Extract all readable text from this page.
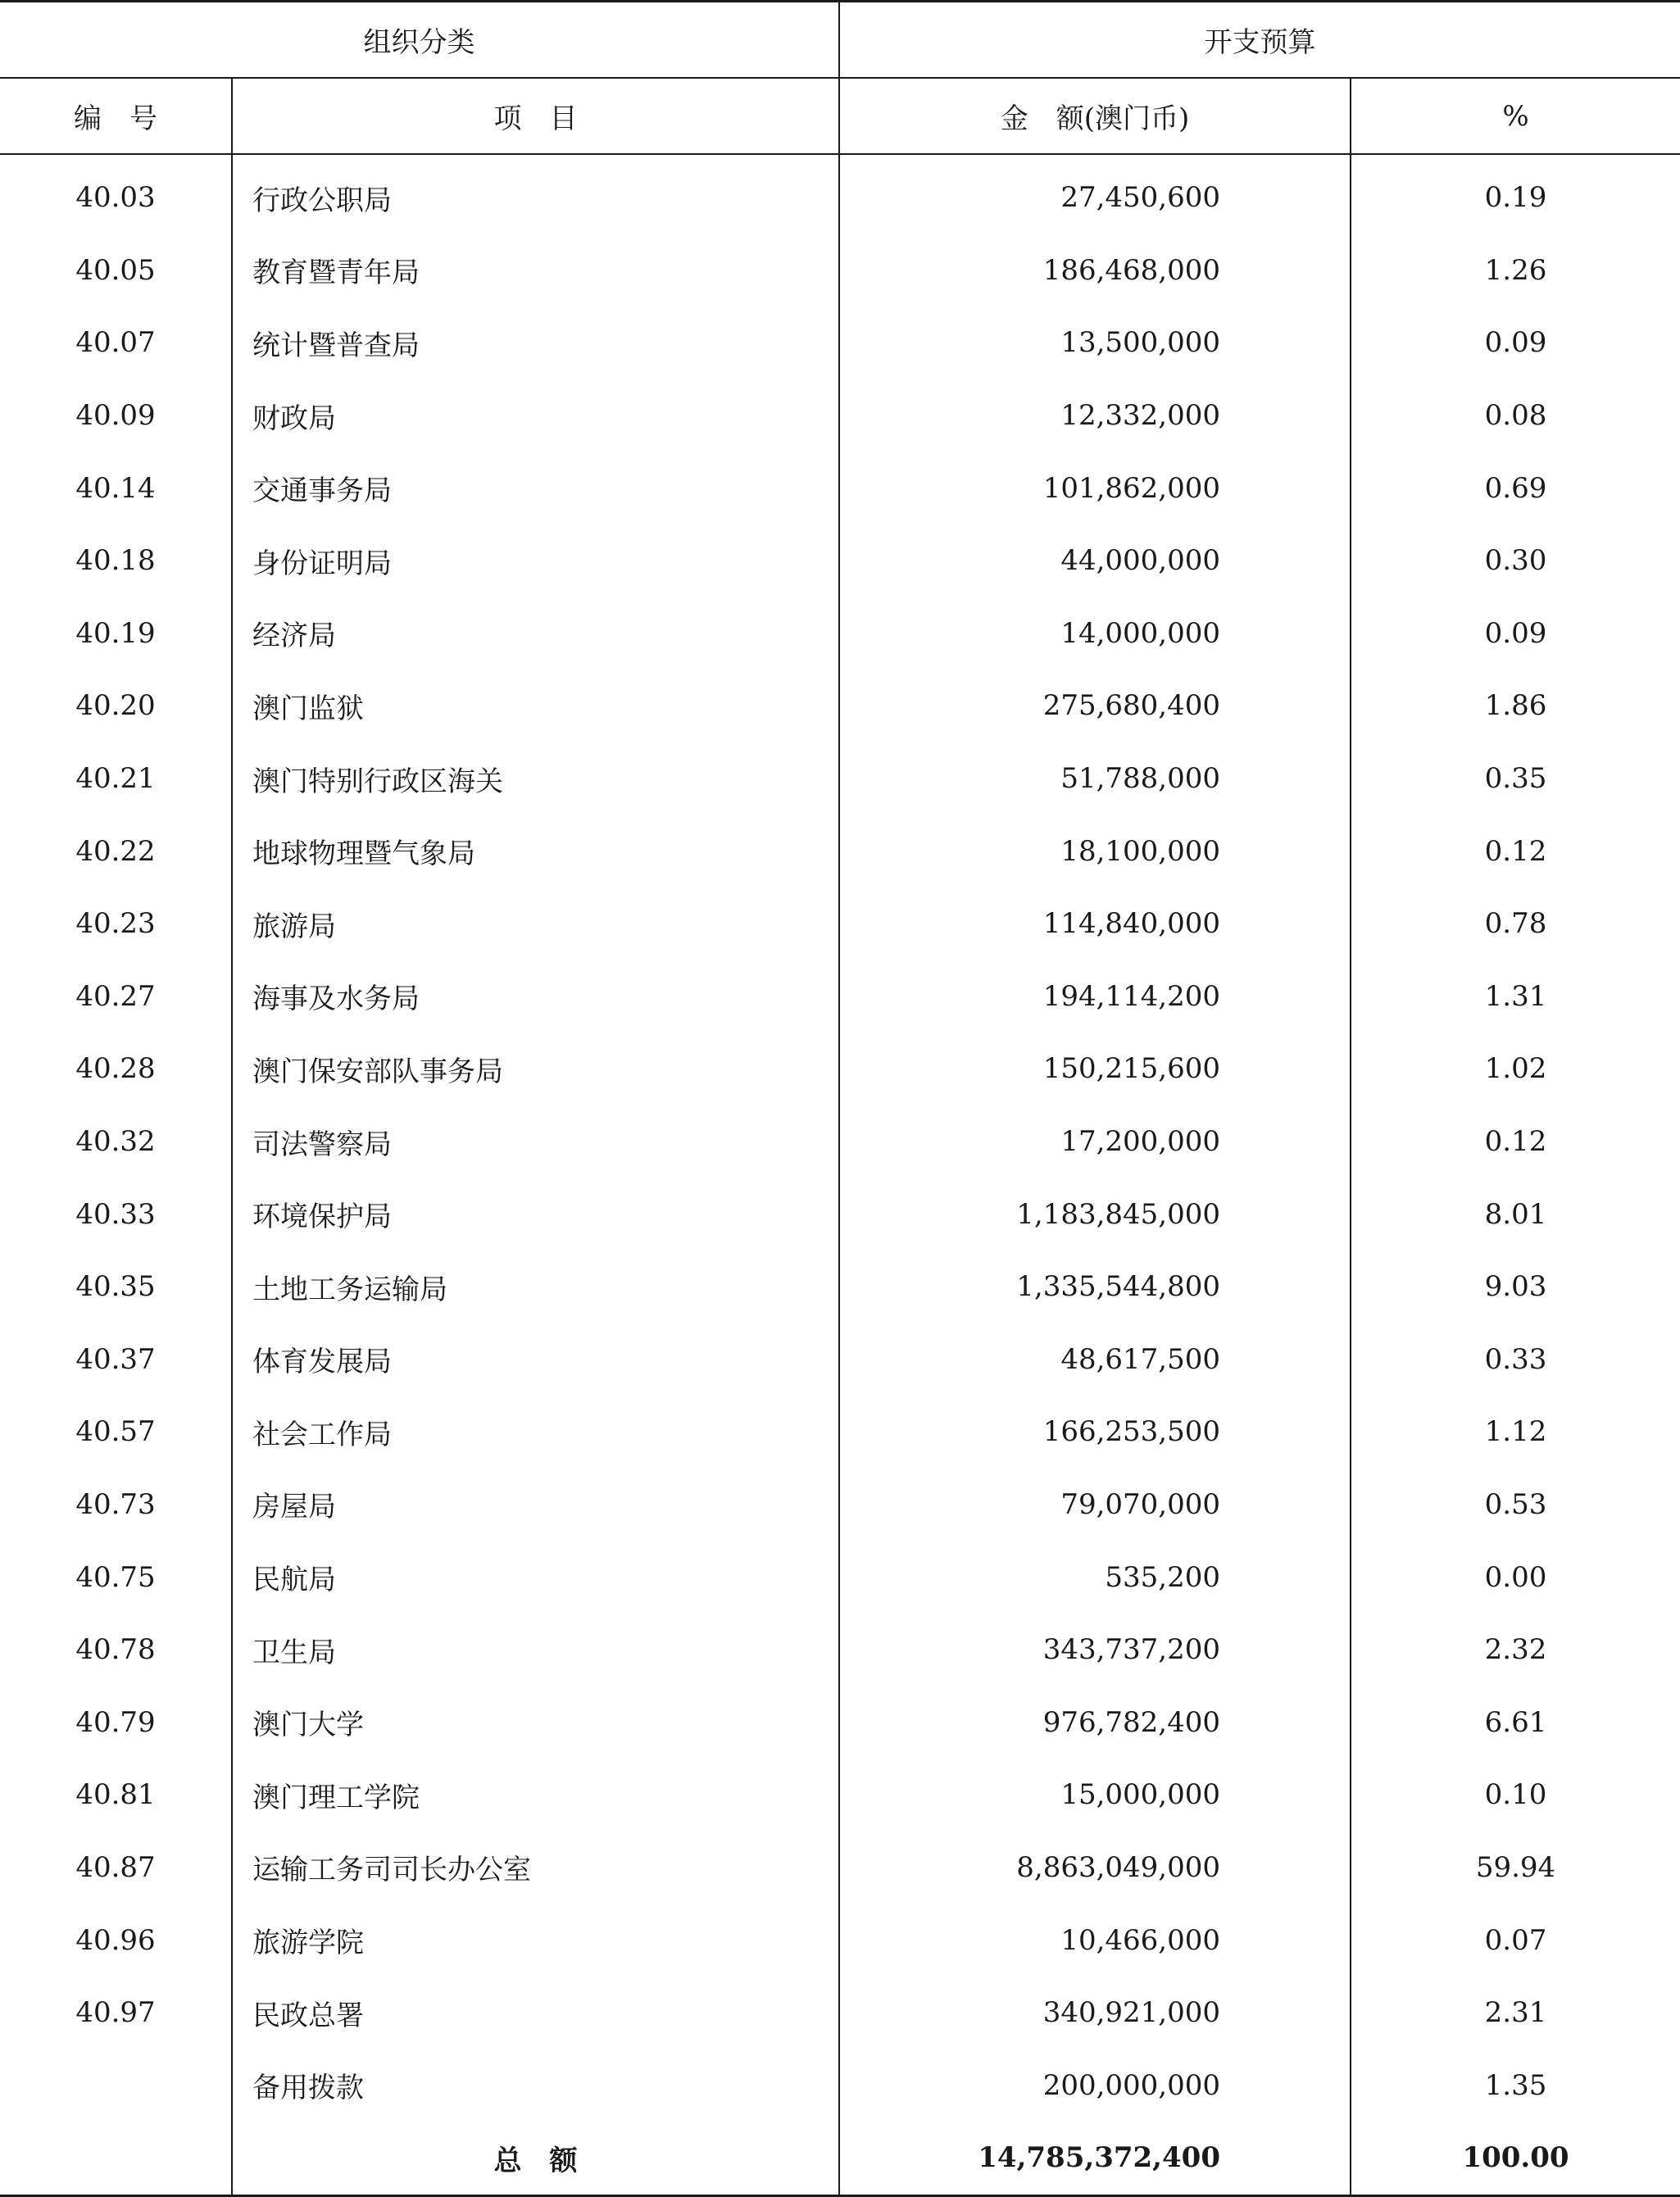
组织分类		开支预算	
编　号	项　目	金　额(澳门币)	%
40.03	行政公职局	27,450,600	0.19
40.05	教育暨青年局	186,468,000	1.26
40.07	统计暨普查局	13,500,000	0.09
40.09	财政局	12,332,000	0.08
40.14	交通事务局	101,862,000	0.69
40.18	身份证明局	44,000,000	0.30
40.19	经济局	14,000,000	0.09
40.20	澳门监狱	275,680,400	1.86
40.21	澳门特别行政区海关	51,788,000	0.35
40.22	地球物理暨气象局	18,100,000	0.12
40.23	旅游局	114,840,000	0.78
40.27	海事及水务局	194,114,200	1.31
40.28	澳门保安部队事务局	150,215,600	1.02
40.32	司法警察局	17,200,000	0.12
40.33	环境保护局	1,183,845,000	8.01
40.35	土地工务运输局	1,335,544,800	9.03
40.37	体育发展局	48,617,500	0.33
40.57	社会工作局	166,253,500	1.12
40.73	房屋局	79,070,000	0.53
40.75	民航局	535,200	0.00
40.78	卫生局	343,737,200	2.32
40.79	澳门大学	976,782,400	6.61
40.81	澳门理工学院	15,000,000	0.10
40.87	运输工务司司长办公室	8,863,049,000	59.94
40.96	旅游学院	10,466,000	0.07
40.97	民政总署	340,921,000	2.31
	备用拨款	200,000,000	1.35
	总　额	14,785,372,400	100.00
